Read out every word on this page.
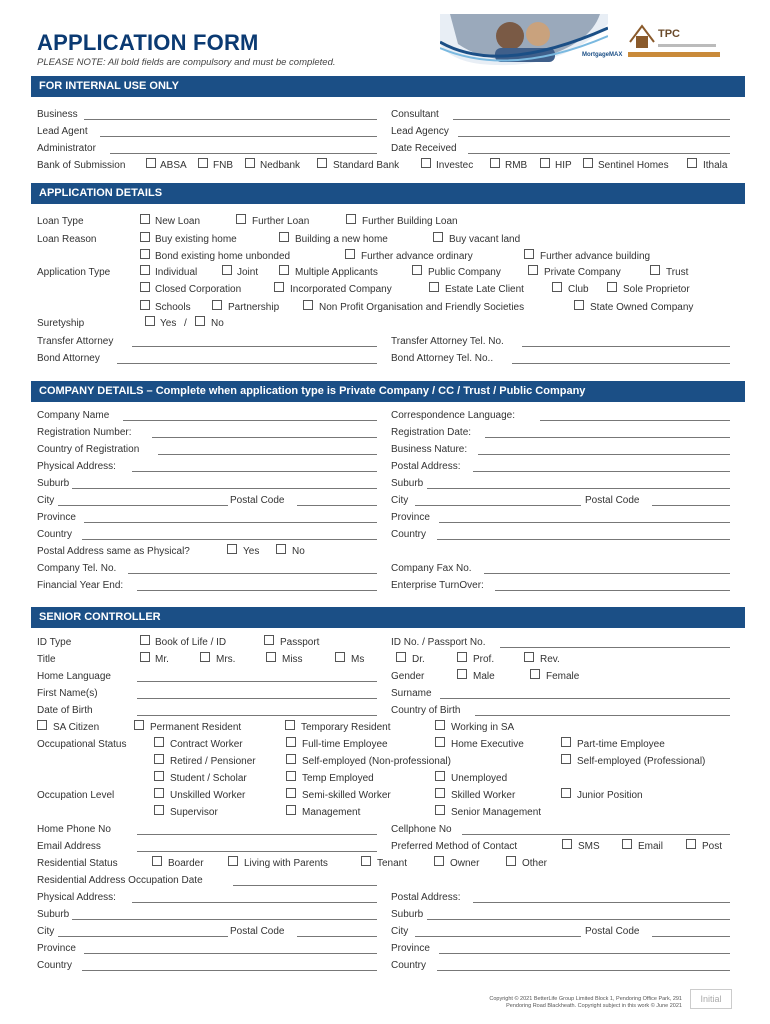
APPLICATION FORM
PLEASE NOTE: All bold fields are compulsory and must be completed.
MortgageMAX
TPC
FOR INTERNAL USE ONLY
APPLICATION DETAILS
COMPANY DETAILS – Complete when application type is Private Company / CC / Trust / Public Company
SENIOR CONTROLLER
Business	Consultant
Lead Agent	Lead Agency
Administrator	Date Received
Bank of Submission	ABSA	FNB	Nedbank	Standard Bank	Investec	RMB	HIP	Sentinel Homes	Ithala
Loan Type	New Loan	Further Loan	Further Building Loan
Loan Reason	Buy existing home	Building a new home	Buy vacant land
Bond existing home unbonded	Further advance ordinary	Further advance building
Application Type	Individual	Joint	Multiple Applicants	Public Company	Private Company	Trust
Closed Corporation	Incorporated Company	Estate Late Client	Club	Sole Proprietor
Schools	Partnership	Non Profit Organisation and Friendly Societies	State Owned Company
Suretyship	Yes / No
Transfer Attorney	Transfer Attorney Tel. No.
Bond Attorney	Bond Attorney Tel. No..
Company Name	Correspondence Language:
Registration Number:	Registration Date:
Country of Registration	Business Nature:
Physical Address:	Postal Address:
Suburb	Suburb
City	Postal Code	City	Postal Code
Province	Province
Country	Country
Postal Address same as Physical?	Yes	No
Company Tel. No.	Company Fax No.
Financial Year End:	Enterprise TurnOver:
ID Type	Book of Life / ID	Passport	ID No. / Passport No.
Title	Mr.	Mrs.	Miss	Ms	Dr.	Prof.	Rev.
Home Language	Gender	Male	Female
First Name(s)	Surname
Date of Birth	Country of Birth
SA Citizen	Permanent Resident	Temporary Resident	Working in SA
Occupational Status	Contract Worker	Full-time Employee	Home Executive	Part-time Employee
Retired / Pensioner	Self-employed (Non-professional)	Self-employed (Professional)
Student / Scholar	Temp Employed	Unemployed
Occupation Level	Unskilled Worker	Semi-skilled Worker	Skilled Worker	Junior Position
Supervisor	Management	Senior Management
Home Phone No	Cellphone No
Email Address	Preferred Method of Contact	SMS	Email	Post
Residential Status	Boarder	Living with Parents	Tenant	Owner	Other
Residential Address Occupation Date
Physical Address:	Postal Address:
Suburb	Suburb
City	Postal Code	City	Postal Code
Province	Province
Country	Country
Copyright © 2021 BetterLife Group Limited Block 1, Pendoring Office Park, 291
Pendoring Road Blackheath. Copyright subject in this work © June 2021
Initial
